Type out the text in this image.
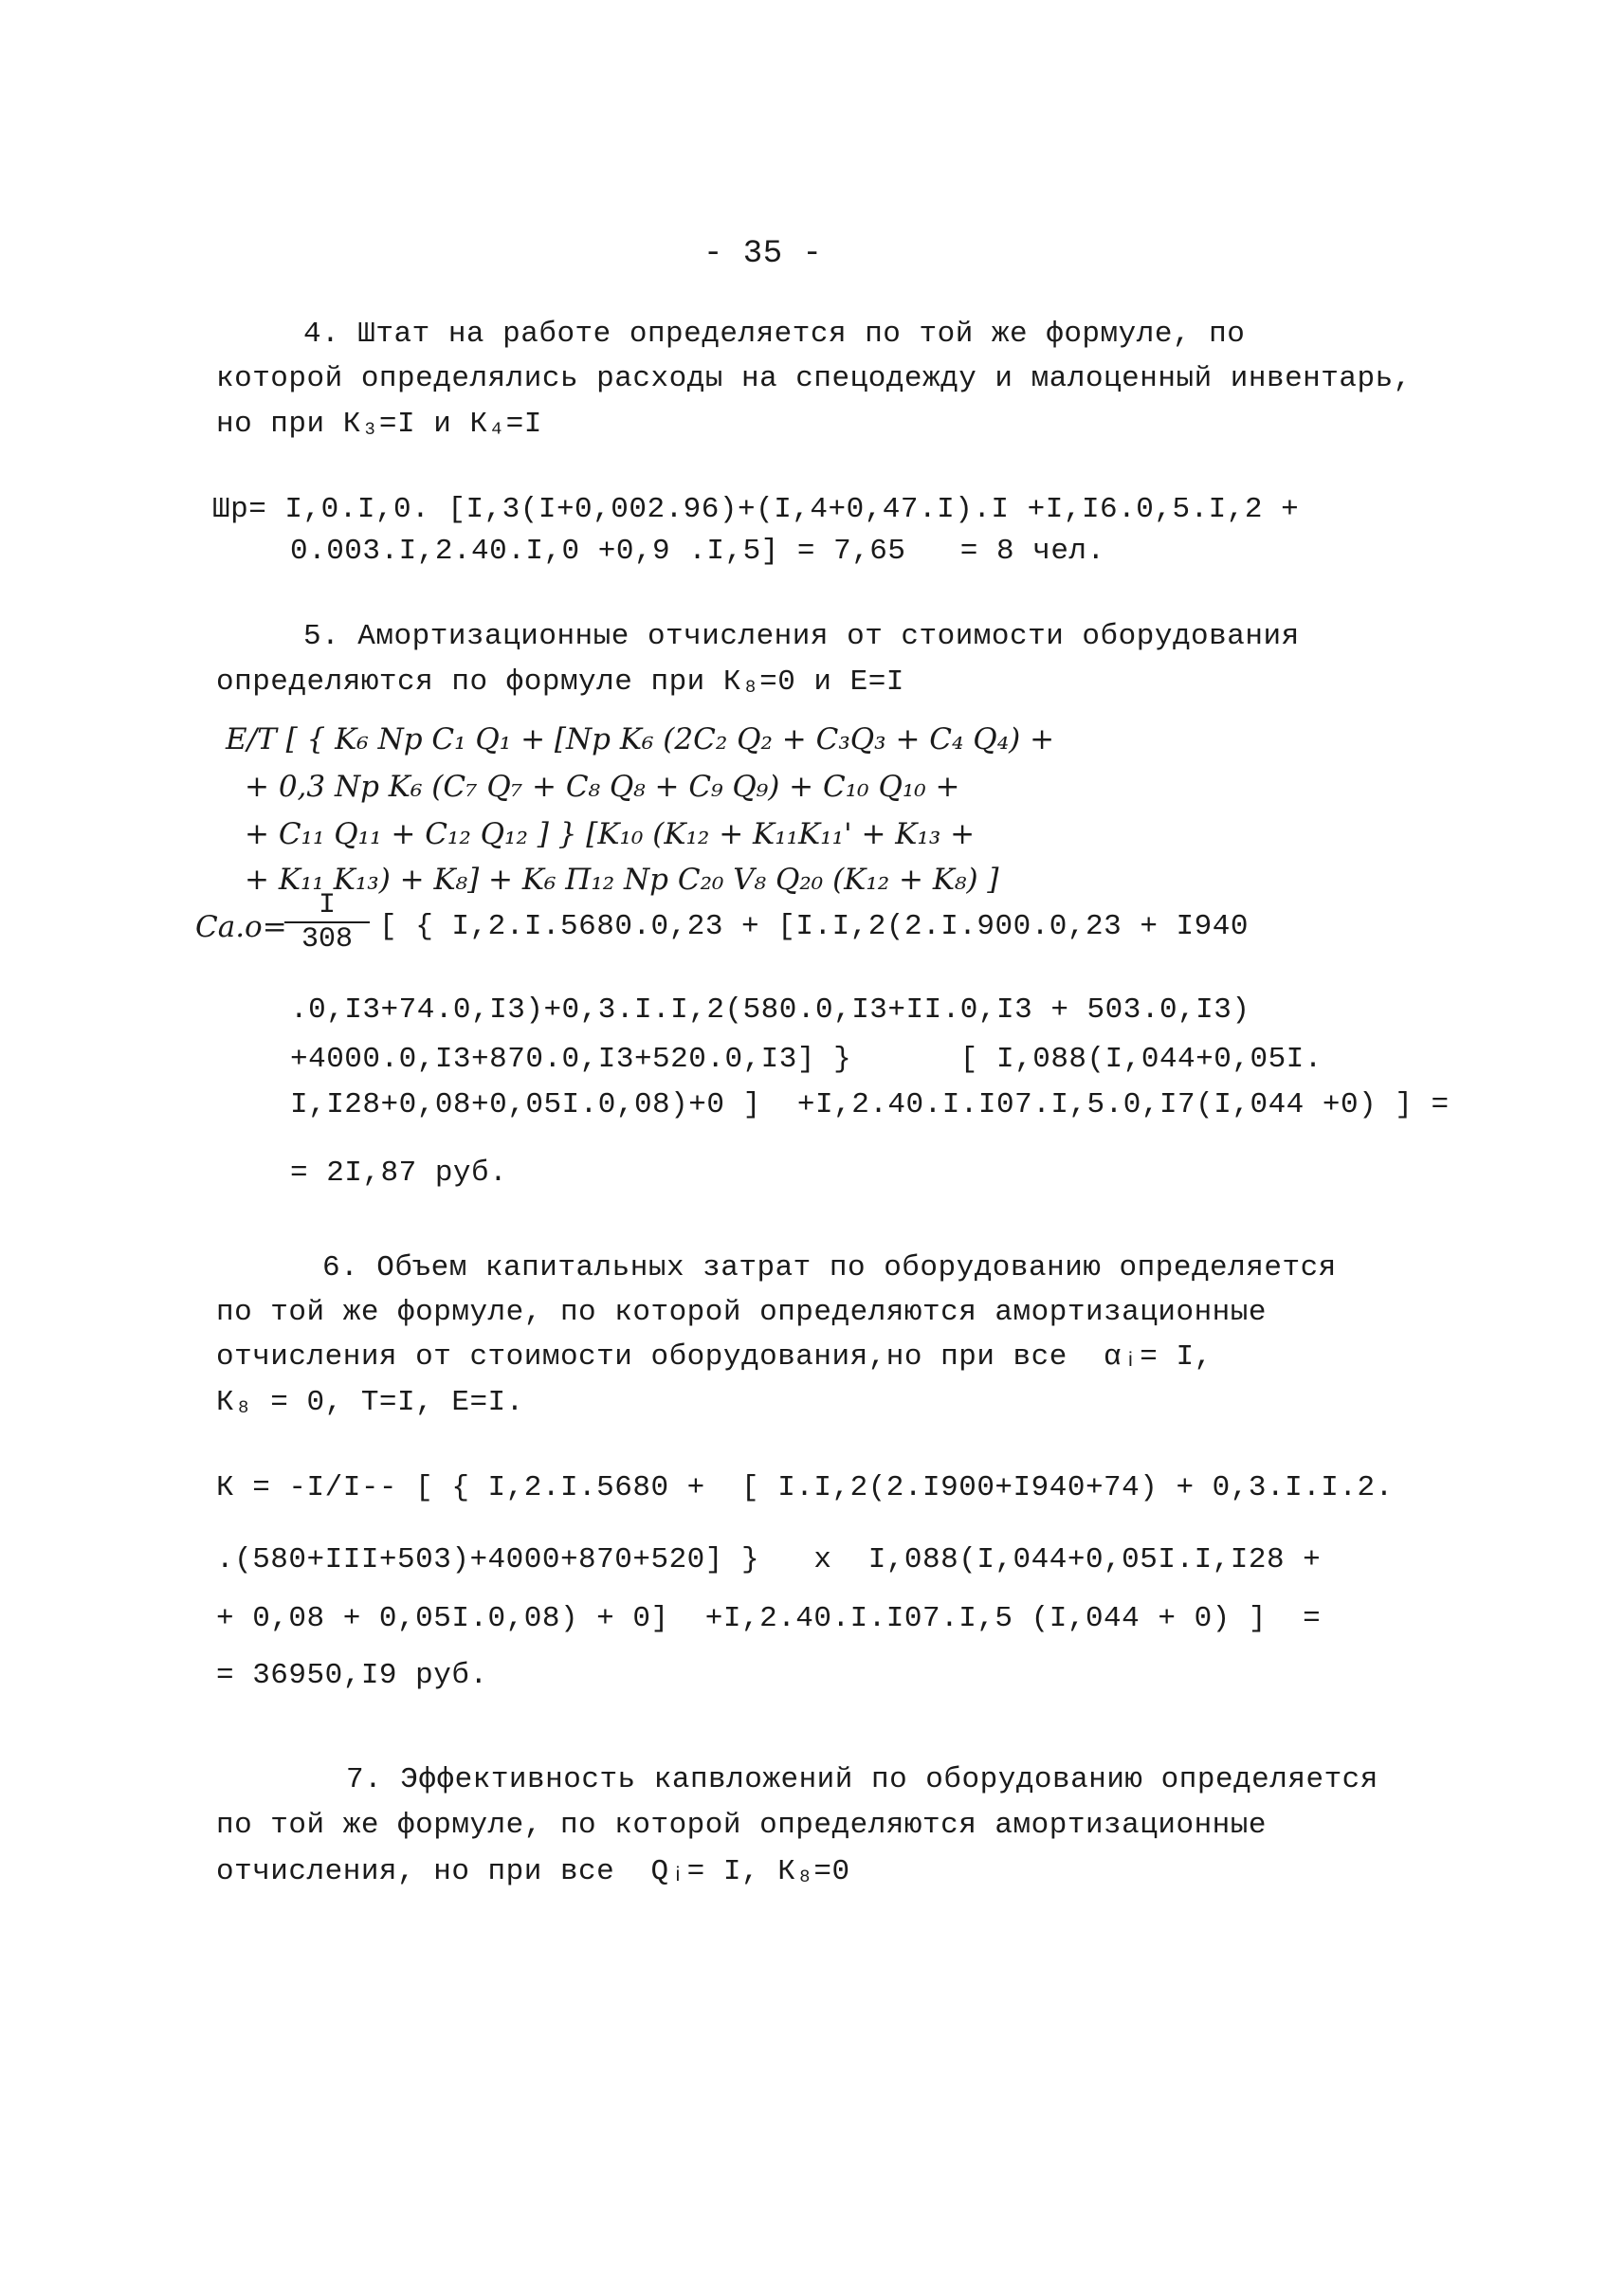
- 35 -
4. Штат на работе определяется по той же формуле, по
которой определялись расходы на спецодежду и малоценный инвентарь,
но при К₃=I и К₄=I
Шр= I,0.I,0. [I,3(I+0,002.96)+(I,4+0,47.I).I +I,I6.0,5.I,2 +
0.003.I,2.40.I,0 +0,9 .I,5] = 7,65   = 8 чел.
5. Амортизационные отчисления от стоимости оборудования
определяются по формуле при К₈=0 и Е=I
E/T [ { K₆ Nр C₁ Q₁ + [Nр K₆ (2C₂ Q₂ + C₃Q₃ + C₄ Q₄) +
+ 0,3 Nр K₆ (C₇ Q₇ + C₈ Q₈ + C₉ Q₉) + C₁₀ Q₁₀ +
+ C₁₁ Q₁₁ + C₁₂ Q₁₂ ] } [K₁₀ (K₁₂ + K₁₁K₁₁' + K₁₃ +
+ K₁₁ K₁₃) + K₈] + K₆ П₁₂ Nр C₂₀ V₈ Q₂₀ (K₁₂ + K₈) ]
Cа.о=
$\frac{I}{308}$ [ { I,2.I.5680.0,23 + [I.I,2(2.I.900.0,23 + I940
.0,I3+74.0,I3)+0,3.I.I,2(580.0,I3+II.0,I3 + 503.0,I3)
+4000.0,I3+870.0,I3+520.0,I3] }      [ I,088(I,044+0,05I.
I,I28+0,08+0,05I.0,08)+0 ]  +I,2.40.I.I07.I,5.0,I7(I,044 +0) ] =
= 2I,87 руб.
6. Объем капитальных затрат по оборудованию определяется
по той же формуле, по которой определяются амортизационные
отчисления от стоимости оборудования,но при все  αᵢ= I,
К₈ = 0, Т=I, Е=I.
К = -I/I-- [ { I,2.I.5680 +  [ I.I,2(2.I900+I940+74) + 0,3.I.I.2.
.(580+III+503)+4000+870+520] }   x  I,088(I,044+0,05I.I,I28 +
+ 0,08 + 0,05I.0,08) + 0]  +I,2.40.I.I07.I,5 (I,044 + 0) ]  =
= 36950,I9 руб.
7. Эффективность капвложений по оборудованию определяется
по той же формуле, по которой определяются амортизационные
отчисления, но при все  Qᵢ= I, К₈=0
